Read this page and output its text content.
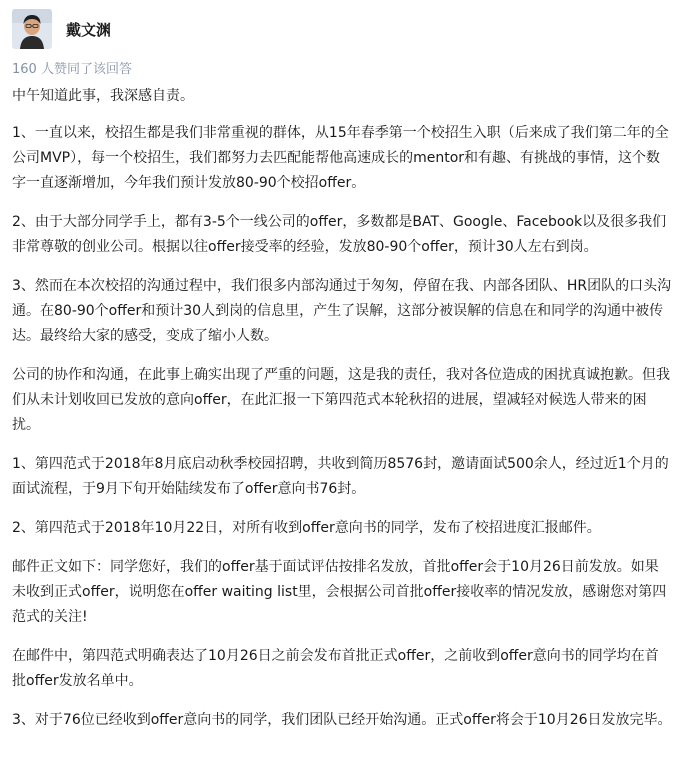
戴文渊
160 人赞同了该回答

中午知道此事，我深感自责。

1、一直以来，校招生都是我们非常重视的群体，从15年春季第一个校招生入职（后来成了我们第二年的全公司MVP），每一个校招生，我们都努力去匹配能帮他高速成长的mentor和有趣、有挑战的事情，这个数字一直逐渐增加，今年我们预计发放80-90个校招offer。

2、由于大部分同学手上，都有3-5个一线公司的offer，多数都是BAT、Google、Facebook以及很多我们非常尊敬的创业公司。根据以往offer接受率的经验，发放80-90个offer，预计30人左右到岗。

3、然而在本次校招的沟通过程中，我们很多内部沟通过于匆匆，停留在我、内部各团队、HR团队的口头沟通。在80-90个offer和预计30人到岗的信息里，产生了误解，这部分被误解的信息在和同学的沟通中被传达。最终给大家的感受，变成了缩小人数。

公司的协作和沟通，在此事上确实出现了严重的问题，这是我的责任，我对各位造成的困扰真诚抱歉。但我们从未计划收回已发放的意向offer，在此汇报一下第四范式本轮秋招的进展，望减轻对候选人带来的困扰。

1、第四范式于2018年8月底启动秋季校园招聘，共收到简历8576封，邀请面试500余人，经过近1个月的面试流程，于9月下旬开始陆续发布了offer意向书76封。

2、第四范式于2018年10月22日，对所有收到offer意向书的同学，发布了校招进度汇报邮件。

邮件正文如下：同学您好，我们的offer基于面试评估按排名发放，首批offer会于10月26日前发放。如果未收到正式offer，说明您在offer waiting list里，会根据公司首批offer接收率的情况发放，感谢您对第四范式的关注!

在邮件中，第四范式明确表达了10月26日之前会发布首批正式offer，之前收到offer意向书的同学均在首批offer发放名单中。

3、对于76位已经收到offer意向书的同学，我们团队已经开始沟通。正式offer将会于10月26日发放完毕。
